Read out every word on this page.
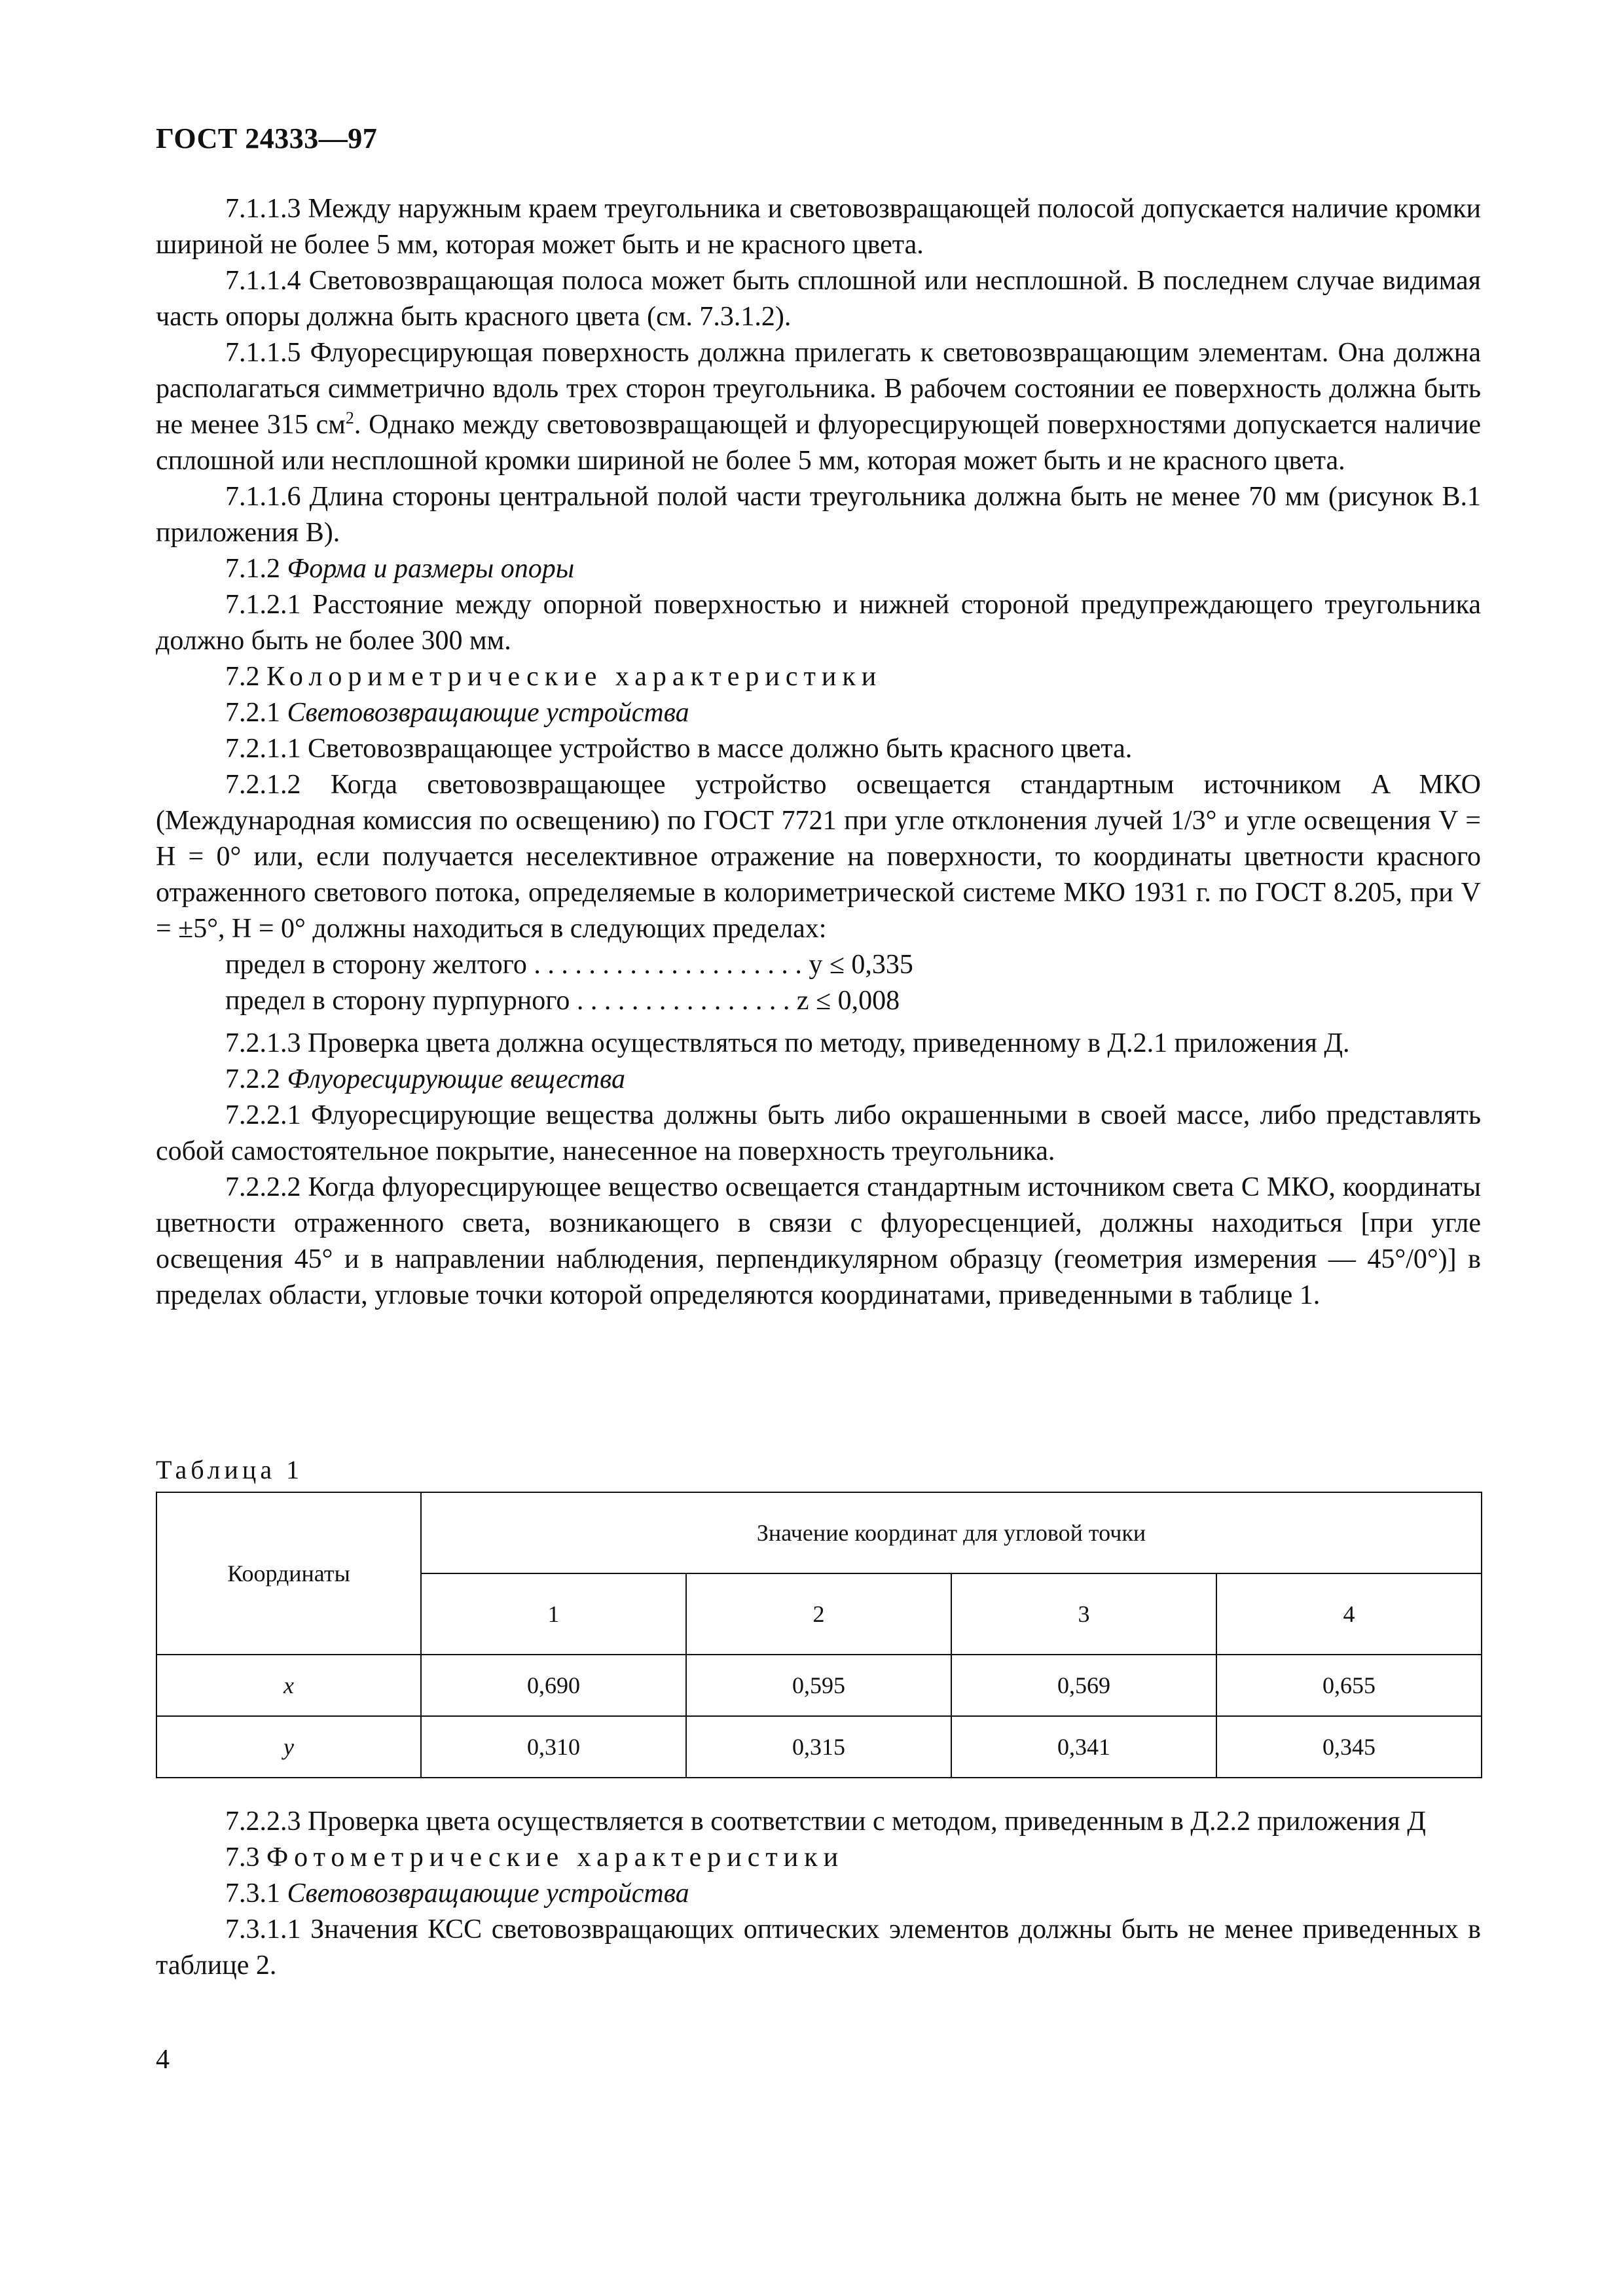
ГОСТ 24333—97

7.1.1.3 Между наружным краем треугольника и световозвращающей полосой допускается наличие кромки шириной не более 5 мм, которая может быть и не красного цвета.

7.1.1.4 Световозвращающая полоса может быть сплошной или несплошной. В последнем случае видимая часть опоры должна быть красного цвета (см. 7.3.1.2).

7.1.1.5 Флуоресцирующая поверхность должна прилегать к световозвращающим элементам. Она должна располагаться симметрично вдоль трех сторон треугольника. В рабочем состоянии ее поверхность должна быть не менее 315 $см^2$. Однако между световозвращающей и флуоресцирующей поверхностями допускается наличие сплошной или несплошной кромки шириной не более 5 мм, которая может быть и не красного цвета.

7.1.1.6 Длина стороны центральной полой части треугольника должна быть не менее 70 мм (рисунок В.1 приложения В).

7.1.2 Форма и размеры опоры

7.1.2.1 Расстояние между опорной поверхностью и нижней стороной предупреждающего треугольника должно быть не более 300 мм.

7.2 Колориметрические характеристики

7.2.1 Световозвращающие устройства

7.2.1.1 Световозвращающее устройство в массе должно быть красного цвета.

7.2.1.2 Когда световозвращающее устройство освещается стандартным источником A МКО (Международная комиссия по освещению) по ГОСТ 7721 при угле отклонения лучей 1/3° и угле освещения V = H = 0° или, если получается неселективное отражение на поверхности, то координаты цветности красного отраженного светового потока, определяемые в колориметрической системе МКО 1931 г. по ГОСТ 8.205, при V = ±5°, H = 0° должны находиться в следующих пределах:

предел в сторону желтого . . . . . . . . . . . . . . . . . . . . y ≤ 0,335
предел в сторону пурпурного . . . . . . . . . . . . . . . . z ≤ 0,008

7.2.1.3 Проверка цвета должна осуществляться по методу, приведенному в Д.2.1 приложения Д.

7.2.2 Флуоресцирующие вещества

7.2.2.1 Флуоресцирующие вещества должны быть либо окрашенными в своей массе, либо представлять собой самостоятельное покрытие, нанесенное на поверхность треугольника.

7.2.2.2 Когда флуоресцирующее вещество освещается стандартным источником света C МКО, координаты цветности отраженного света, возникающего в связи с флуоресценцией, должны находиться [при угле освещения 45° и в направлении наблюдения, перпендикулярном образцу (геометрия измерения — 45°/0°)] в пределах области, угловые точки которой определяются координатами, приведенными в таблице 1.

Таблица 1
Координаты	Значение координат для угловой точки			
	1	2	3	4
x	0,690	0,595	0,569	0,655
y	0,310	0,315	0,341	0,345

7.2.2.3 Проверка цвета осуществляется в соответствии с методом, приведенным в Д.2.2 приложения Д

7.3 Фотометрические характеристики

7.3.1 Световозвращающие устройства

7.3.1.1 Значения КСС световозвращающих оптических элементов должны быть не менее приведенных в таблице 2.

4
